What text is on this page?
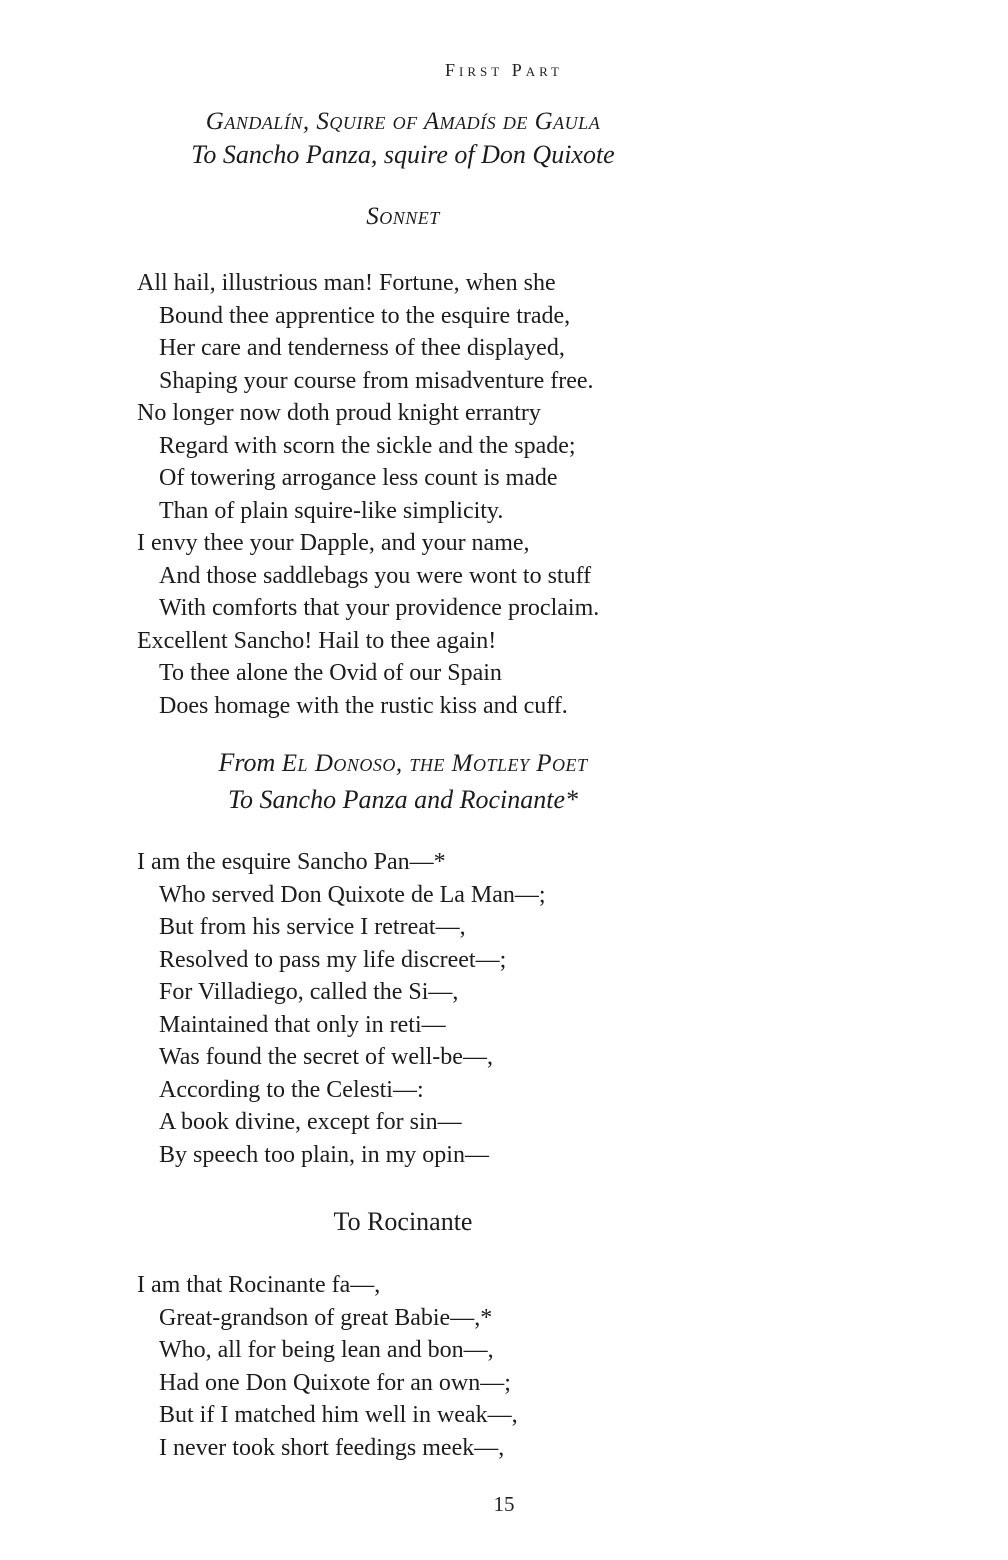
First Part
Gandalín, Squire of Amadís de Gaula
To Sancho Panza, squire of Don Quixote
Sonnet
All hail, illustrious man! Fortune, when she
Bound thee apprentice to the esquire trade,
Her care and tenderness of thee displayed,
Shaping your course from misadventure free.
No longer now doth proud knight errantry
Regard with scorn the sickle and the spade;
Of towering arrogance less count is made
Than of plain squire-like simplicity.
I envy thee your Dapple, and your name,
And those saddlebags you were wont to stuff
With comforts that your providence proclaim.
Excellent Sancho! Hail to thee again!
To thee alone the Ovid of our Spain
Does homage with the rustic kiss and cuff.
From El Donoso, the Motley Poet
To Sancho Panza and Rocinante*
I am the esquire Sancho Pan—*
Who served Don Quixote de La Man—;
But from his service I retreat—,
Resolved to pass my life discreet—;
For Villadiego, called the Si—,
Maintained that only in reti—
Was found the secret of well-be—,
According to the Celesti—:
A book divine, except for sin—
By speech too plain, in my opin—
To Rocinante
I am that Rocinante fa—,
Great-grandson of great Babie—,*
Who, all for being lean and bon—,
Had one Don Quixote for an own—;
But if I matched him well in weak—,
I never took short feedings meek—,
15
